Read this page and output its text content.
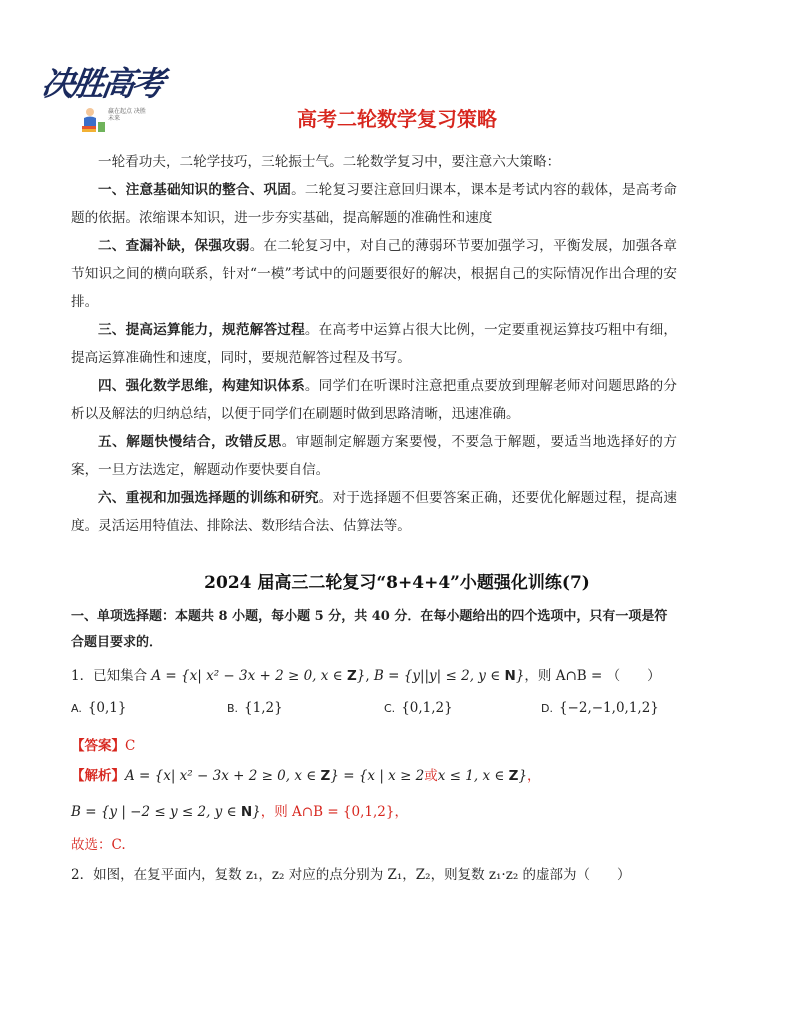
决胜高考
赢在起点 决胜未来	高考二轮数学复习策略

一轮看功夫，二轮学技巧，三轮振士气。二轮数学复习中，要注意六大策略：

一、注意基础知识的整合、巩固。二轮复习要注意回归课本，课本是考试内容的载体，是高考命题的依据。浓缩课本知识，进一步夯实基础，提高解题的准确性和速度

二、查漏补缺，保强攻弱。在二轮复习中，对自己的薄弱环节要加强学习，平衡发展，加强各章节知识之间的横向联系，针对“一模”考试中的问题要很好的解决，根据自己的实际情况作出合理的安排。

三、提高运算能力，规范解答过程。在高考中运算占很大比例，一定要重视运算技巧粗中有细，提高运算准确性和速度，同时，要规范解答过程及书写。

四、强化数学思维，构建知识体系。同学们在听课时注意把重点要放到理解老师对问题思路的分析以及解法的归纳总结，以便于同学们在刷题时做到思路清晰，迅速准确。

五、解题快慢结合，改错反思。审题制定解题方案要慢，不要急于解题，要适当地选择好的方案，一旦方法选定，解题动作要快要自信。

六、重视和加强选择题的训练和研究。对于选择题不但要答案正确，还要优化解题过程，提高速度。灵活运用特值法、排除法、数形结合法、估算法等。

2024 届高三二轮复习“8+4+4”小题强化训练(7)

一、单项选择题：本题共 8 小题，每小题 5 分，共 40 分．在每小题给出的四个选项中，只有一项是符合题目要求的．

1．已知集合 A = {x| x² − 3x + 2 ≥ 0, x ∈ Z}, B = {y||y| ≤ 2, y ∈ N}，则 A∩B = （　　）
A. {0,1}	B. {1,2}	C. {0,1,2}	D. {−2,−1,0,1,2}
【答案】C
【解析】A = {x| x² − 3x + 2 ≥ 0, x ∈ Z} = {x | x ≥ 2或x ≤ 1, x ∈ Z}，
B = {y | −2 ≤ y ≤ 2, y ∈ N}，则 A∩B = {0,1,2}，
故选：C.
2．如图，在复平面内，复数 z₁，z₂ 对应的点分别为 Z₁，Z₂，则复数 z₁·z₂ 的虚部为（　　）
